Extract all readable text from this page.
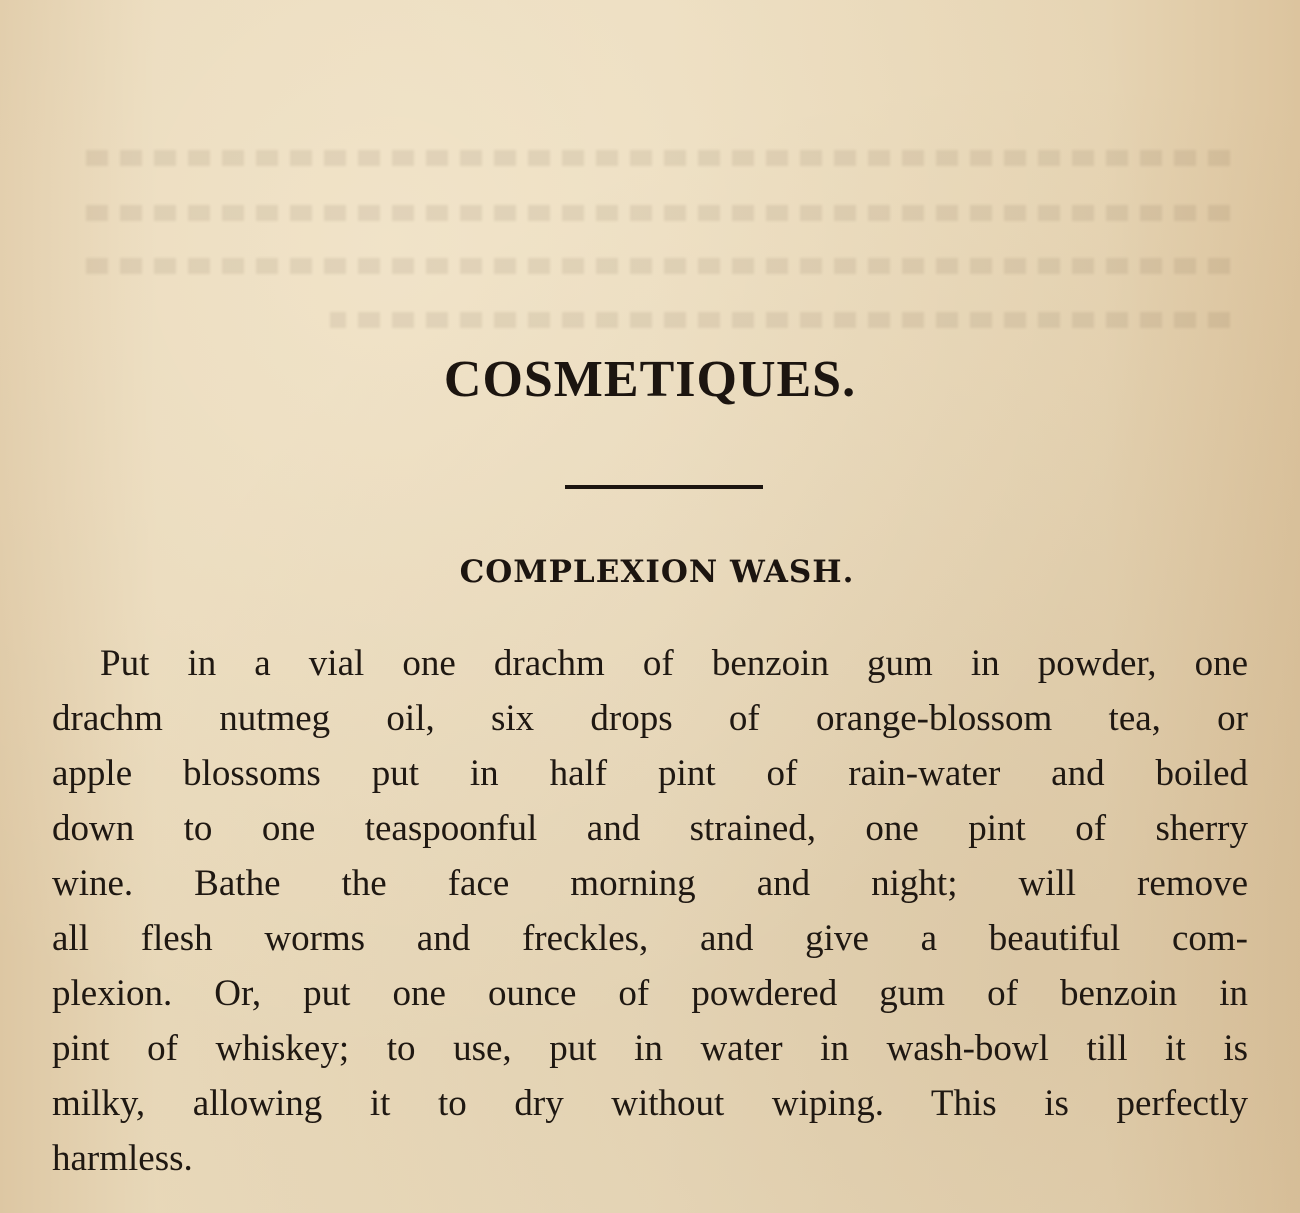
COSMETIQUES.
COMPLEXION WASH.
Put in a vial one drachm of benzoin gum in powder, one
drachm nutmeg oil, six drops of orange-blossom tea, or
apple blossoms put in half pint of rain-water and boiled
down to one teaspoonful and strained, one pint of sherry
wine. Bathe the face morning and night; will remove
all flesh worms and freckles, and give a beautiful com-
plexion. Or, put one ounce of powdered gum of benzoin in
pint of whiskey; to use, put in water in wash-bowl till it is
milky, allowing it to dry without wiping. This is perfectly
harmless.
